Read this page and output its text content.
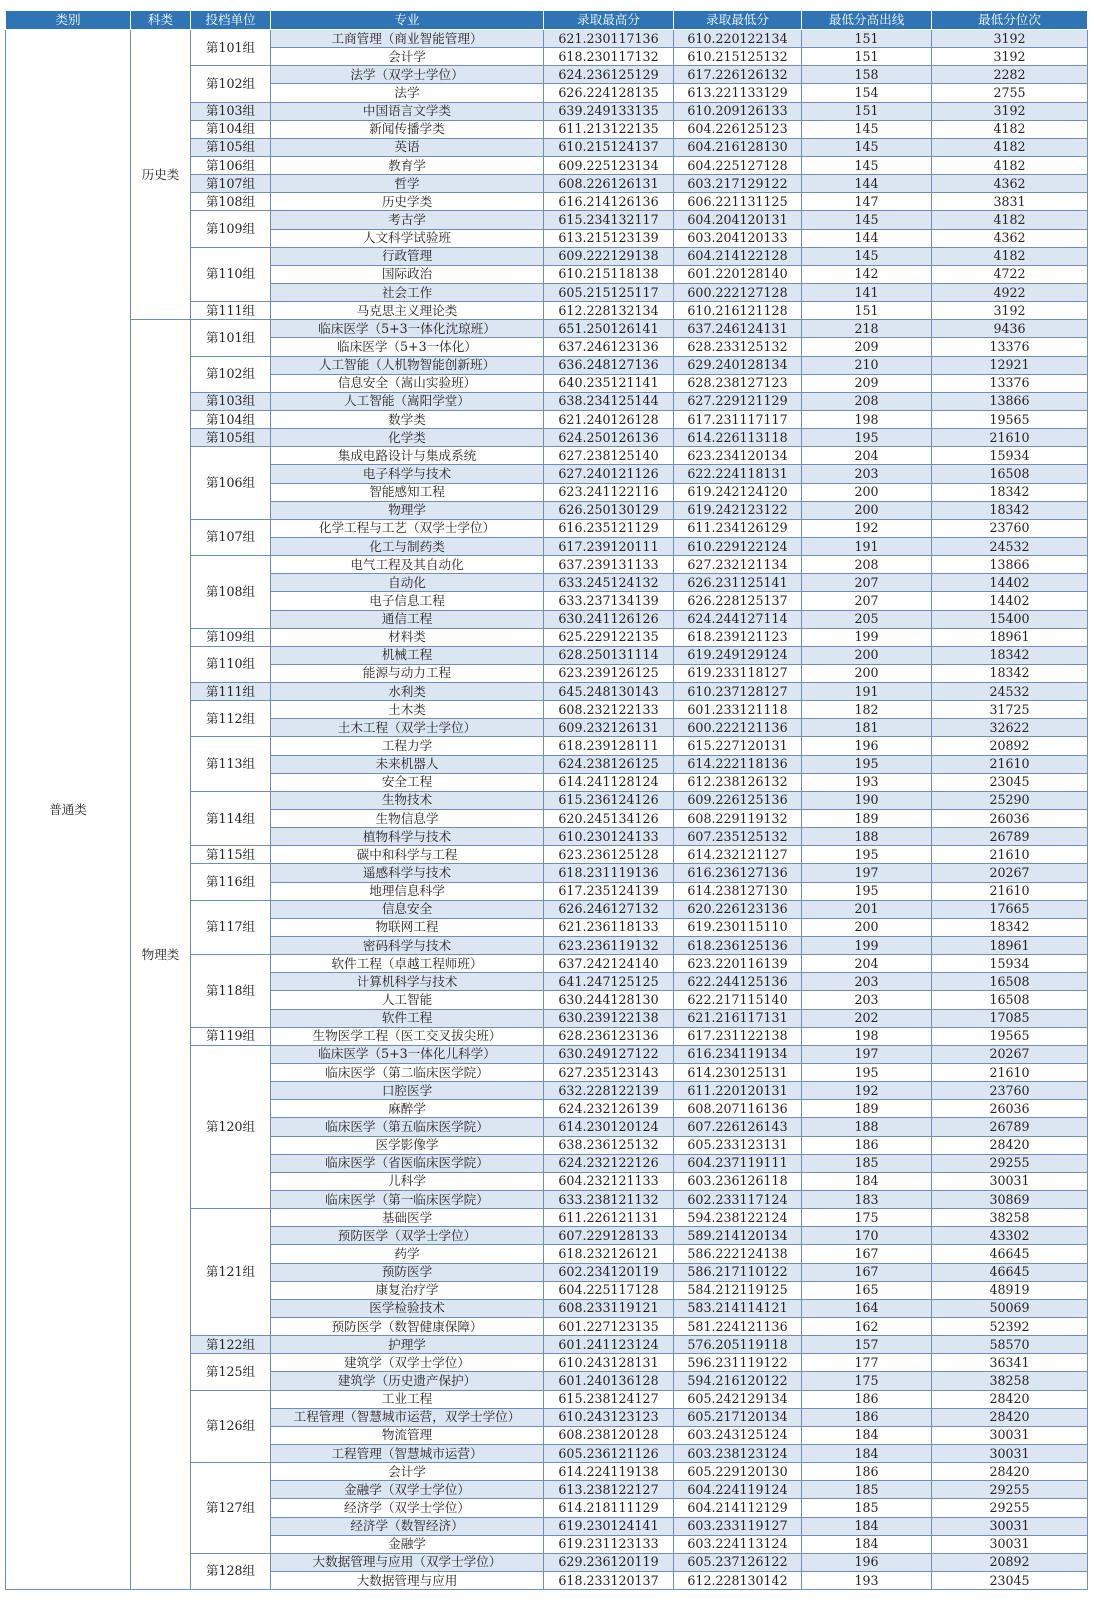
类别	科类	投档单位	专业	录取最高分	录取最低分	最低分高出线	最低分位次
普通类	历史类	第101组	工商管理（商业智能管理）	621.230117136	610.220122134	151	3192
			会计学	618.230117132	610.215125132	151	3192
		第102组	法学（双学士学位）	624.236125129	617.226126132	158	2282
			法学	626.224128135	613.221133129	154	2755
		第103组	中国语言文学类	639.249133135	610.209126133	151	3192
		第104组	新闻传播学类	611.213122135	604.226125123	145	4182
		第105组	英语	610.215124137	604.216128130	145	4182
		第106组	教育学	609.225123134	604.225127128	145	4182
		第107组	哲学	608.226126131	603.217129122	144	4362
		第108组	历史学类	616.214126136	606.221131125	147	3831
		第109组	考古学	615.234132117	604.204120131	145	4182
			人文科学试验班	613.215123139	603.204120133	144	4362
		第110组	行政管理	609.222129138	604.214122128	145	4182
			国际政治	610.215118138	601.220128140	142	4722
			社会工作	605.215125117	600.222127128	141	4922
		第111组	马克思主义理论类	612.228132134	610.216121128	151	3192
	物理类	第101组	临床医学（5+3一体化沈琼班）	651.250126141	637.246124131	218	9436
			临床医学（5+3一体化）	637.246123136	628.233125132	209	13376
		第102组	人工智能（人机物智能创新班）	636.248127136	629.240128134	210	12921
			信息安全（嵩山实验班）	640.235121141	628.238127123	209	13376
		第103组	人工智能（嵩阳学堂）	638.234125144	627.229121129	208	13866
		第104组	数学类	621.240126128	617.231117117	198	19565
		第105组	化学类	624.250126136	614.226113118	195	21610
		第106组	集成电路设计与集成系统	627.238125140	623.234120134	204	15934
			电子科学与技术	627.240121126	622.224118131	203	16508
			智能感知工程	623.241122116	619.242124120	200	18342
			物理学	626.250130129	619.242123122	200	18342
		第107组	化学工程与工艺（双学士学位）	616.235121129	611.234126129	192	23760
			化工与制药类	617.239120111	610.229122124	191	24532
		第108组	电气工程及其自动化	637.239131133	627.232121134	208	13866
			自动化	633.245124132	626.231125141	207	14402
			电子信息工程	633.237134139	626.228125137	207	14402
			通信工程	630.241126126	624.244127114	205	15400
		第109组	材料类	625.229122135	618.239121123	199	18961
		第110组	机械工程	628.250131114	619.249129124	200	18342
			能源与动力工程	623.239126125	619.233118127	200	18342
		第111组	水利类	645.248130143	610.237128127	191	24532
		第112组	土木类	608.232122133	601.233121118	182	31725
			土木工程（双学士学位）	609.232126131	600.222121136	181	32622
		第113组	工程力学	618.239128111	615.227120131	196	20892
			未来机器人	624.238126125	614.222118136	195	21610
			安全工程	614.241128124	612.238126132	193	23045
		第114组	生物技术	615.236124126	609.226125136	190	25290
			生物信息学	620.245134126	608.229119132	189	26036
			植物科学与技术	610.230124133	607.235125132	188	26789
		第115组	碳中和科学与工程	623.236125128	614.232121127	195	21610
		第116组	遥感科学与技术	618.231119136	616.236127136	197	20267
			地理信息科学	617.235124139	614.238127130	195	21610
		第117组	信息安全	626.246127132	620.226123136	201	17665
			物联网工程	621.236118133	619.230115110	200	18342
			密码科学与技术	623.236119132	618.236125136	199	18961
		第118组	软件工程（卓越工程师班）	637.242124140	623.220116139	204	15934
			计算机科学与技术	641.247125125	622.244125136	203	16508
			人工智能	630.244128130	622.217115140	203	16508
			软件工程	630.239122138	621.216117131	202	17085
		第119组	生物医学工程（医工交叉拔尖班）	628.236123136	617.231122138	198	19565
		第120组	临床医学（5+3一体化儿科学）	630.249127122	616.234119134	197	20267
			临床医学（第二临床医学院）	627.235123143	614.230125131	195	21610
			口腔医学	632.228122139	611.220120131	192	23760
			麻醉学	624.232126139	608.207116136	189	26036
			临床医学（第五临床医学院）	614.230120124	607.226126143	188	26789
			医学影像学	638.236125132	605.233123131	186	28420
			临床医学（省医临床医学院）	624.232122126	604.237119111	185	29255
			儿科学	604.232121133	603.236126118	184	30031
			临床医学（第一临床医学院）	633.238121132	602.233117124	183	30869
		第121组	基础医学	611.226121131	594.238122124	175	38258
			预防医学（双学士学位）	607.229128133	589.214120134	170	43302
			药学	618.232126121	586.222124138	167	46645
			预防医学	602.234120119	586.217110122	167	46645
			康复治疗学	604.225117128	584.212119125	165	48919
			医学检验技术	608.233119121	583.214114121	164	50069
			预防医学（数智健康保障）	601.227123135	581.224121136	162	52392
		第122组	护理学	601.241123124	576.205119118	157	58570
		第125组	建筑学（双学士学位）	610.243128131	596.231119122	177	36341
			建筑学（历史遗产保护）	601.240136128	594.216120122	175	38258
		第126组	工业工程	615.238124127	605.242129134	186	28420
			工程管理（智慧城市运营，双学士学位）	610.243123123	605.217120134	186	28420
			物流管理	608.238120128	603.243125124	184	30031
			工程管理（智慧城市运营）	605.236121126	603.238123124	184	30031
		第127组	会计学	614.224119138	605.229120130	186	28420
			金融学（双学士学位）	613.238122127	604.224119124	185	29255
			经济学（双学士学位）	614.218111129	604.214112129	185	29255
			经济学（数智经济）	619.230124141	603.233119127	184	30031
			金融学	619.231123133	603.224113124	184	30031
		第128组	大数据管理与应用（双学士学位）	629.236120119	605.237126122	196	20892
			大数据管理与应用	618.233120137	612.228130142	193	23045
